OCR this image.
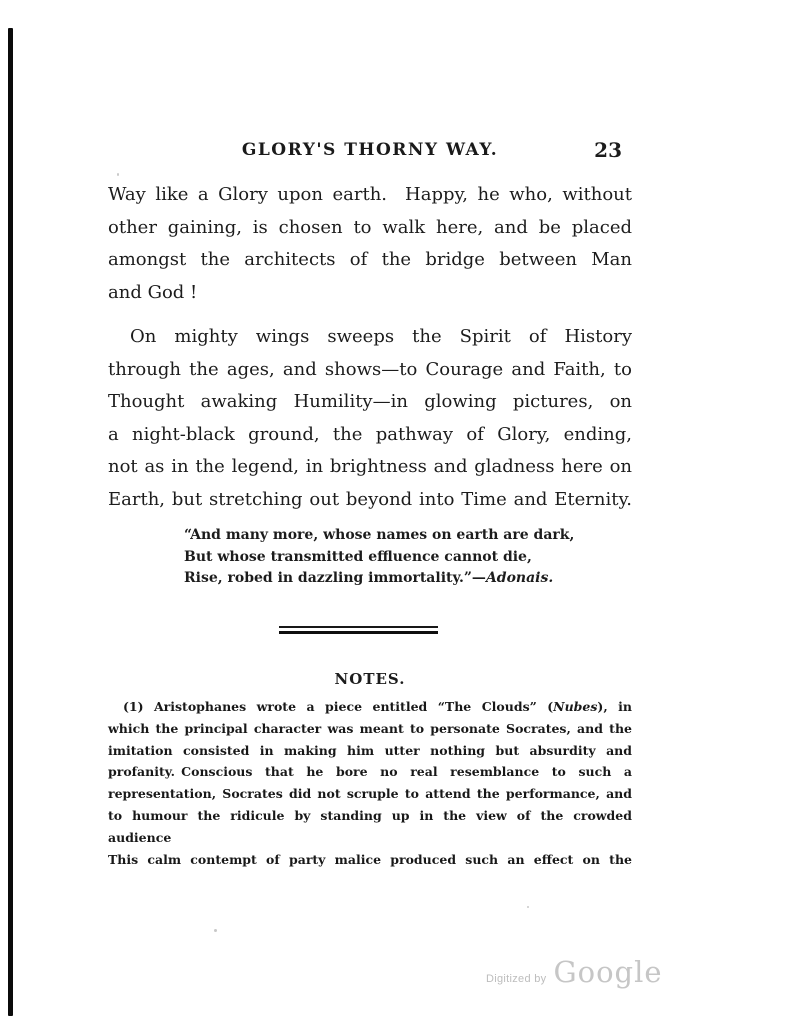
GLORY'S THORNY WAY.	23
Way like a Glory upon earth. Happy, he who, without
other gaining, is chosen to walk here, and be placed
amongst the architects of the bridge between Man
and God !
On mighty wings sweeps the Spirit of History
through the ages, and shows—to Courage and Faith, to
Thought awaking Humility—in glowing pictures, on
a night-black ground, the pathway of Glory, ending,
not as in the legend, in brightness and gladness here on
Earth, but stretching out beyond into Time and Eternity.
“And many more, whose names on earth are dark,
But whose transmitted effluence cannot die,
Rise, robed in dazzling immortality.”—Adonais.
NOTES.
(1) Aristophanes wrote a piece entitled “The Clouds” (Nubes), in
which the principal character was meant to personate Socrates, and the
imitation consisted in making him utter nothing but absurdity and
profanity. Conscious that he bore no real resemblance to such a
representation, Socrates did not scruple to attend the performance, and
to humour the ridicule by standing up in the view of the crowded audience
This calm contempt of party malice produced such an effect on the
Digitized by Google
